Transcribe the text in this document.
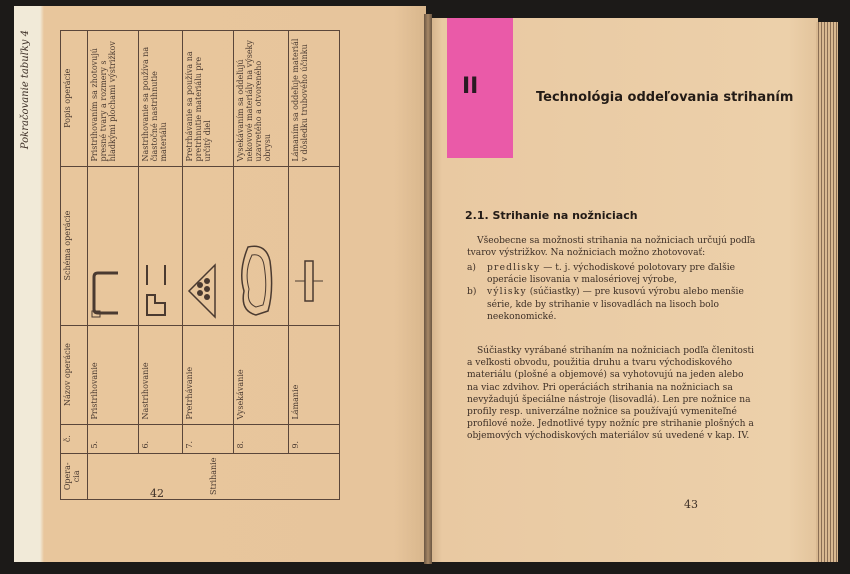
Pokračovanie tabuľky 4
Opera-cia	č.	Názov operácie	Schéma operácie	Popis operácie
Strihanie	5.	Pristrihovanie		Pristrihovaním sa zhotovujú presné tvary a rozmery s hladkými plochami výstrižkov
	6.	Nastrihovanie		Nastrihovanie sa používa na čiastočné nastrihnutie materiálu
	7.	Pretrhávanie		Pretrhávanie sa používa na pretrhnutie materiálu pre určitý diel
	8.	Vysekávanie		Vysekávaním sa oddeľujú nekovové materiály na výseky uzavretého a otvoreného obrysu
	9.	Lámanie		Lámaním sa oddeľuje materiál v dôsledku trubového účinku
42
II	Technológia oddeľovania strihaním
2.1. Strihanie na nožniciach

Všeobecne sa možnosti strihania na nožniciach určujú podľa tvarov výstrižkov. Na nožniciach možno zhotovovať:

a)	predlisky — t. j. východiskové polotovary pre ďalšie operácie lisovania v malosériovej výrobe,
b)	výlisky (súčiastky) — pre kusovú výrobu alebo menšie série, kde by strihanie v lisovadlách na lisoch bolo neekonomické.

Súčiastky vyrábané strihaním na nožniciach podľa členitosti a veľkosti obvodu, použitia druhu a tvaru východiskového materiálu (plošné a objemové) sa vyhotovujú na jeden alebo na viac zdvihov. Pri operáciách strihania na nožniciach sa nevyžadujú špeciálne nástroje (lisovadlá). Len pre nožnice na profily resp. univerzálne nožnice sa používajú vymeniteľné profilové nože. Jednotlivé typy nožníc pre strihanie plošných a objemových východiskových materiálov sú uvedené v kap. IV.

43
